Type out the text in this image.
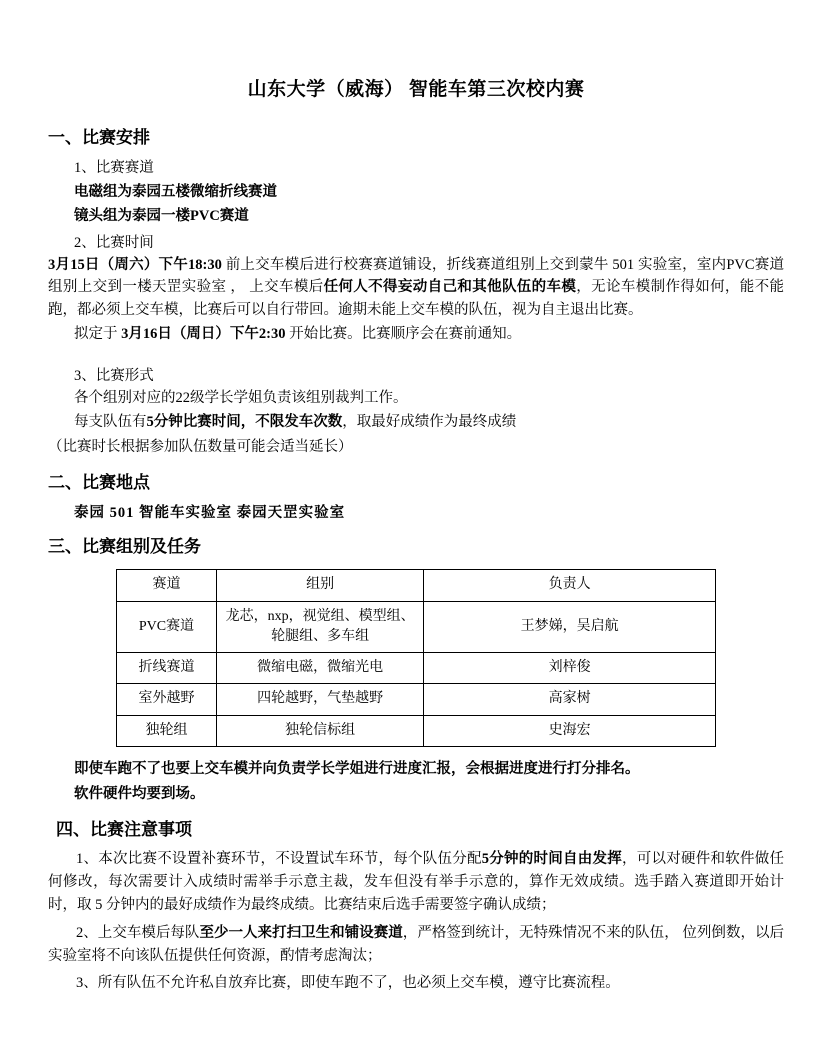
山东大学（威海） 智能车第三次校内赛
一、比赛安排
1、比赛赛道
电磁组为泰园五楼微缩折线赛道
镜头组为泰园一楼PVC赛道
2、比赛时间
3月15日（周六）下午18:30 前上交车模后进行校赛赛道铺设，折线赛道组别上交到蒙牛 501 实验室，室内PVC赛道组别上交到一楼天罡实验室 ， 上交车模后任何人不得妄动自己和其他队伍的车模，无论车模制作得如何，能不能跑，都必须上交车模，比赛后可以自行带回。逾期未能上交车模的队伍，视为自主退出比赛。
拟定于 3月16日（周日）下午2:30 开始比赛。比赛顺序会在赛前通知。
3、比赛形式
各个组别对应的22级学长学姐负责该组别裁判工作。
每支队伍有5分钟比赛时间，不限发车次数，取最好成绩作为最终成绩
（比赛时长根据参加队伍数量可能会适当延长）
二、比赛地点
泰园 501 智能车实验室 泰园天罡实验室
三、比赛组别及任务
赛道	组别	负责人
PVC赛道	龙芯，nxp，视觉组、模型组、轮腿组、多车组	王梦娣，吴启航
折线赛道	微缩电磁，微缩光电	刘梓俊
室外越野	四轮越野，气垫越野	高家树
独轮组	独轮信标组	史海宏
即使车跑不了也要上交车模并向负责学长学姐进行进度汇报，会根据进度进行打分排名。
软件硬件均要到场。
四、比赛注意事项
1、本次比赛不设置补赛环节，不设置试车环节，每个队伍分配5分钟的时间自由发挥，可以对硬件和软件做任何修改，每次需要计入成绩时需举手示意主裁，发车但没有举手示意的，算作无效成绩。选手踏入赛道即开始计时，取 5 分钟内的最好成绩作为最终成绩。比赛结束后选手需要签字确认成绩；
2、上交车模后每队至少一人来打扫卫生和铺设赛道，严格签到统计，无特殊情况不来的队伍， 位列倒数，以后实验室将不向该队伍提供任何资源，酌情考虑淘汰；
3、所有队伍不允许私自放弃比赛，即使车跑不了，也必须上交车模，遵守比赛流程。
